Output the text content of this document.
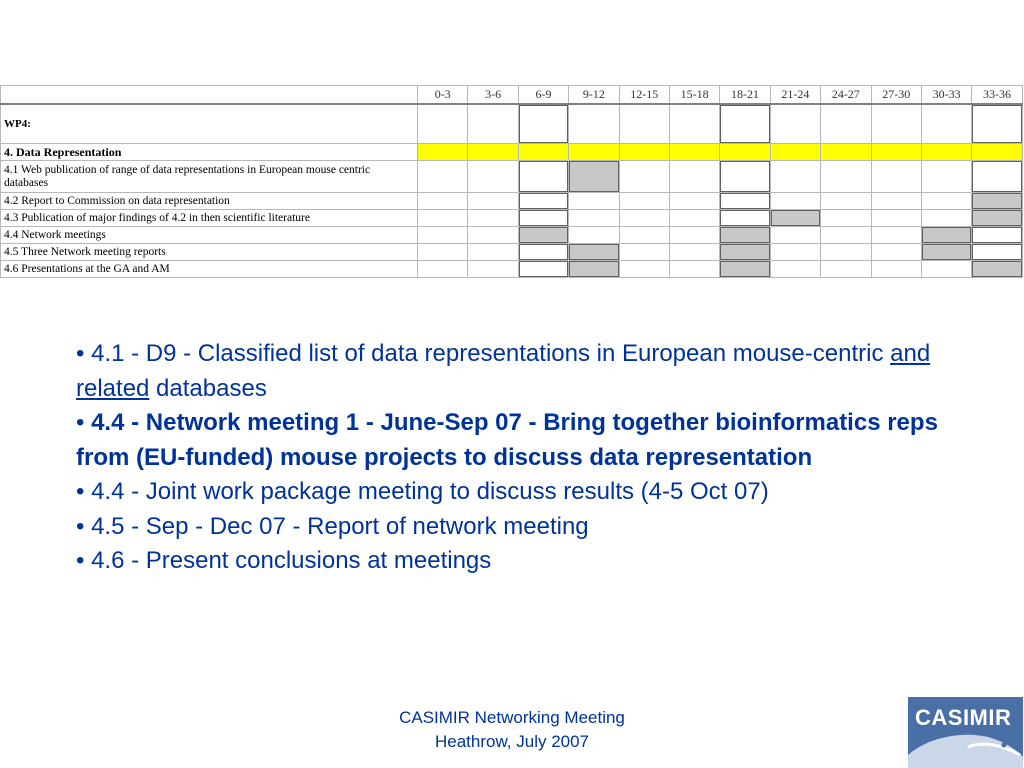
	0-3	3-6	6-9	9-12	12-15	15-18	18-21	21-24	24-27	27-30	30-33	33-36
WP4:												
4. Data Representation												
4.1 Web publication of range of data representations in European mouse centric databases												
4.2 Report to Commission on data representation												
4.3 Publication of major findings of 4.2 in then scientific literature												
4.4 Network meetings												
4.5 Three Network meeting reports												
4.6 Presentations at the GA and AM												

• 4.1 - D9 - Classified list of data representations in European mouse-centric and related databases

• 4.4 - Network meeting 1 - June-Sep 07 - Bring together bioinformatics reps from (EU-funded) mouse projects to discuss data representation

• 4.4 - Joint work package meeting to discuss results (4-5 Oct 07)

• 4.5 - Sep - Dec 07 - Report of network meeting

• 4.6 - Present conclusions at meetings

CASIMIR Networking Meeting
Heathrow, July 2007
CASIMIR
